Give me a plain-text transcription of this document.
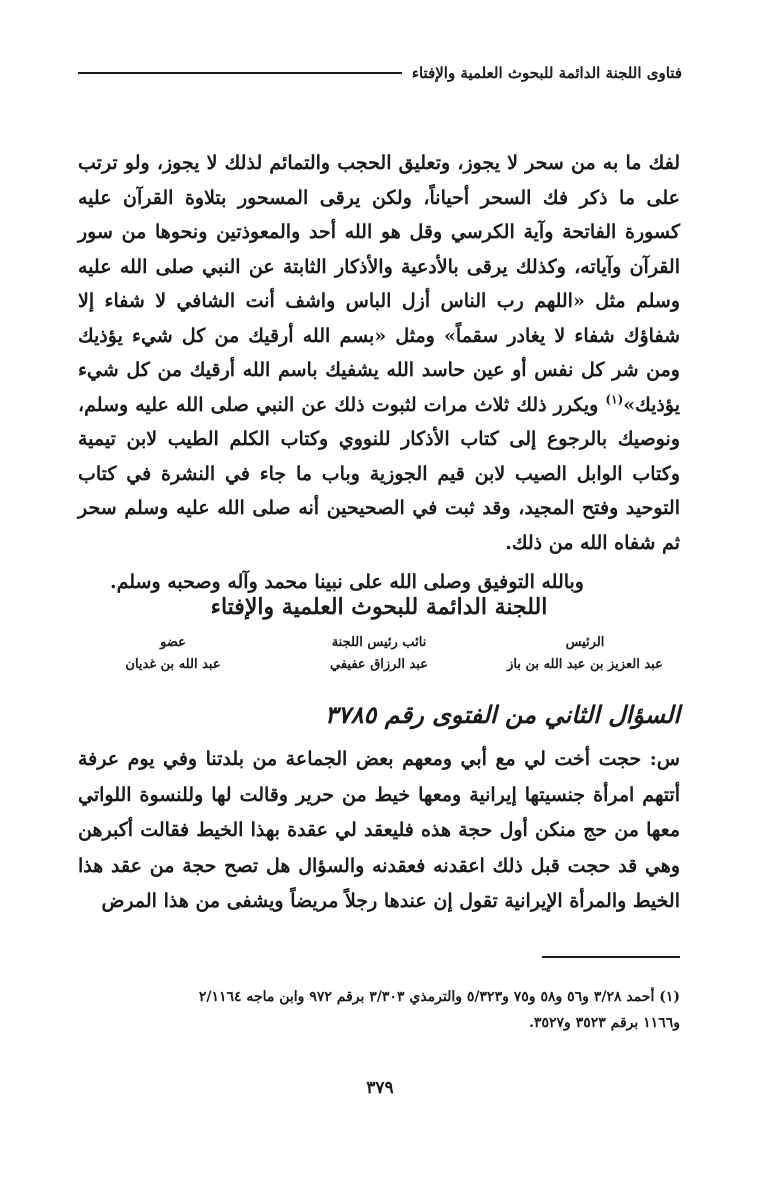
فتاوى اللجنة الدائمة للبحوث العلمية والإفتاء

لفك ما به من سحر لا يجوز، وتعليق الحجب والتمائم لذلك لا يجوز، ولو ترتب على ما ذكر فك السحر أحياناً، ولكن يرقى المسحور بتلاوة القرآن عليه كسورة الفاتحة وآية الكرسي وقل هو الله أحد والمعوذتين ونحوها من سور القرآن وآياته، وكذلك يرقى بالأدعية والأذكار الثابتة عن النبي صلى الله عليه وسلم مثل «اللهم رب الناس أزل الباس واشف أنت الشافي لا شفاء إلا شفاؤك شفاء لا يغادر سقماً» ومثل «بسم الله أرقيك من كل شيء يؤذيك ومن شر كل نفس أو عين حاسد الله يشفيك باسم الله أرقيك من كل شيء يؤذيك»$^{(١)}$ ويكرر ذلك ثلاث مرات لثبوت ذلك عن النبي صلى الله عليه وسلم، ونوصيك بالرجوع إلى كتاب الأذكار للنووي وكتاب الكلم الطيب لابن تيمية وكتاب الوابل الصيب لابن قيم الجوزية وباب ما جاء في النشرة في كتاب التوحيد وفتح المجيد، وقد ثبت في الصحيحين أنه صلى الله عليه وسلم سحر ثم شفاه الله من ذلك.

وبالله التوفيق وصلى الله على نبينا محمد وآله وصحبه وسلم.
اللجنة الدائمة للبحوث العلمية والإفتاء
الرئيس
عبد العزيز بن عبد الله بن باز
نائب رئيس اللجنة
عبد الرزاق عفيفي
عضو
عبد الله بن غديان
السؤال الثاني من الفتوى رقم ٣٧٨٥

س: حجت أخت لي مع أبي ومعهم بعض الجماعة من بلدتنا وفي يوم عرفة أتتهم امرأة جنسيتها إيرانية ومعها خيط من حرير وقالت لها وللنسوة اللواتي معها من حج منكن أول حجة هذه فليعقد لي عقدة بهذا الخيط فقالت أكبرهن وهي قد حجت قبل ذلك اعقدنه فعقدنه والسؤال هل تصح حجة من عقد هذا الخيط والمرأة الإيرانية تقول إن عندها رجلاً مريضاً ويشفى من هذا المرض

(١) أحمد ٣/٢٨ و٥٦ و٥٨ و٧٥ و٥/٣٢٣ والترمذي ٣/٣٠٣ برقم ٩٧٢ وابن ماجه ٢/١١٦٤
و١١٦٦ برقم ٣٥٢٣ و٣٥٢٧.
٣٧٩
